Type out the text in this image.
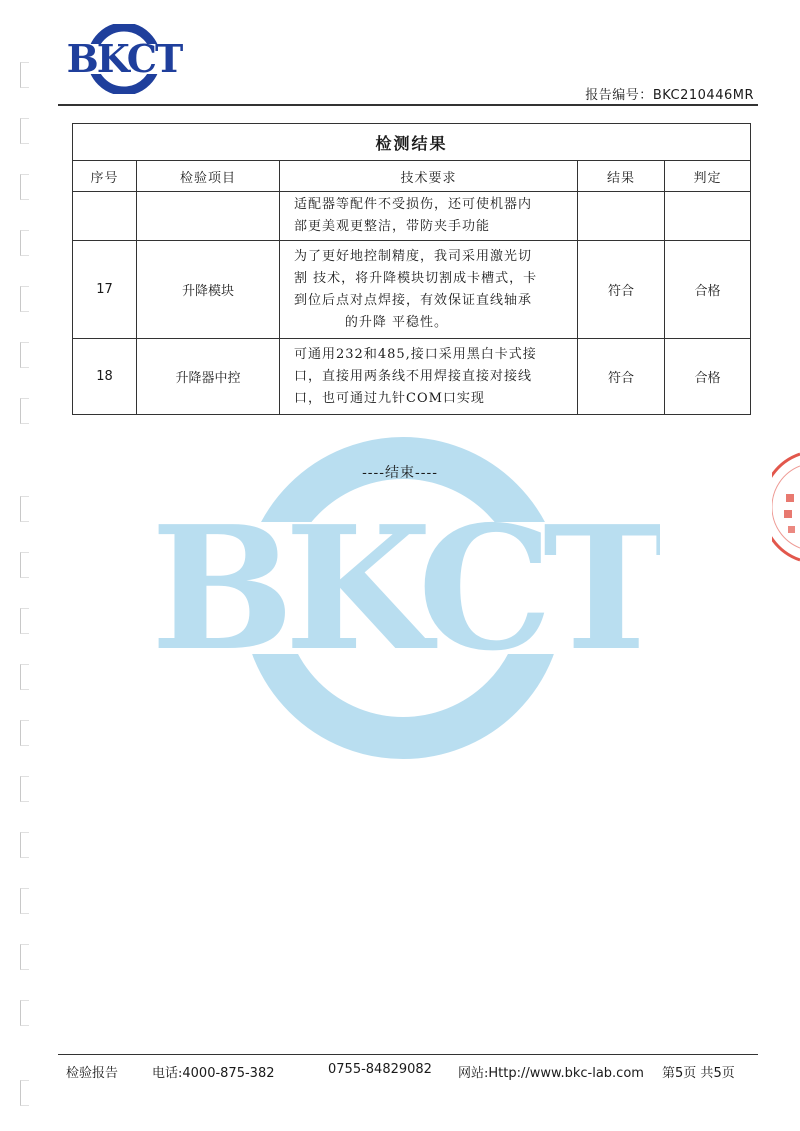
BKCT
报告编号：BKC210446MR
BKCT
检测结果				
序号	检验项目	技术要求	结果	判定

		适配器等配件不受损伤，还可使机器内
部更美观更整洁，带防夹手功能		

17	升降模块	为了更好地控制精度，我司采用激光切
割 技术，将升降模块切割成卡槽式，卡
到位后点对点焊接，有效保证直线轴承
的升降 平稳性。	符合	合格
18	升降器中控	可通用232和485,接口采用黑白卡式接
口，直接用两条线不用焊接直接对接线
口，也可通过九针COM口实现	符合	合格
----结束----
检验报告	电话:4000-875-382	0755-84829082 网站:Http://www.bkc-lab.com 第5页 共5页
